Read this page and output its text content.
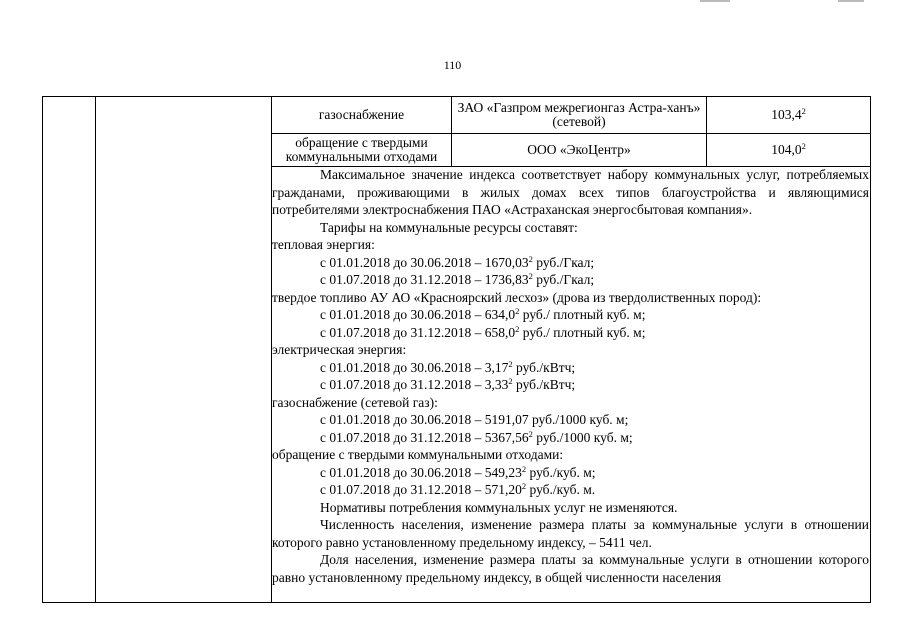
110
газоснабжение	ЗАО «Газпром межрегионгаз Астра-ханъ» (сетевой)	103,4$^2$
обращение с твердыми коммунальными отходами	ООО «ЭкоЦентр»	104,0$^2$

Максимальное значение индекса соответствует набору коммунальных услуг, потребляемых гражданами, проживающими в жилых домах всех типов благоустройства и являющимися потребителями электроснабжения ПАО «Астраханская энергосбытовая компания».

Тарифы на коммунальные ресурсы составят:

тепловая энергия:

с 01.01.2018 до 30.06.2018 – 1670,03$^2$ руб./Гкал;

с 01.07.2018 до 31.12.2018 – 1736,83$^2$ руб./Гкал;

твердое топливо АУ АО «Красноярский лесхоз» (дрова из твердолиственных пород):

с 01.01.2018 до 30.06.2018 – 634,0$^2$ руб./ плотный куб. м;

с 01.07.2018 до 31.12.2018 – 658,0$^2$ руб./ плотный куб. м;

электрическая энергия:

с 01.01.2018 до 30.06.2018 – 3,17$^2$ руб./кВтч;

с 01.07.2018 до 31.12.2018 – 3,33$^2$ руб./кВтч;

газоснабжение (сетевой газ):

с 01.01.2018 до 30.06.2018 – 5191,07 руб./1000 куб. м;

с 01.07.2018 до 31.12.2018 – 5367,56$^2$ руб./1000 куб. м;

обращение с твердыми коммунальными отходами:

с 01.01.2018 до 30.06.2018 – 549,23$^2$ руб./куб. м;

с 01.07.2018 до 31.12.2018 – 571,20$^2$ руб./куб. м.

Нормативы потребления коммунальных услуг не изменяются.

Численность населения, изменение размера платы за коммунальные услуги в отношении которого равно установленному предельному индексу, – 5411 чел.

Доля населения, изменение размера платы за коммунальные услуги в отношении которого равно установленному предельному индексу, в общей численности населения
